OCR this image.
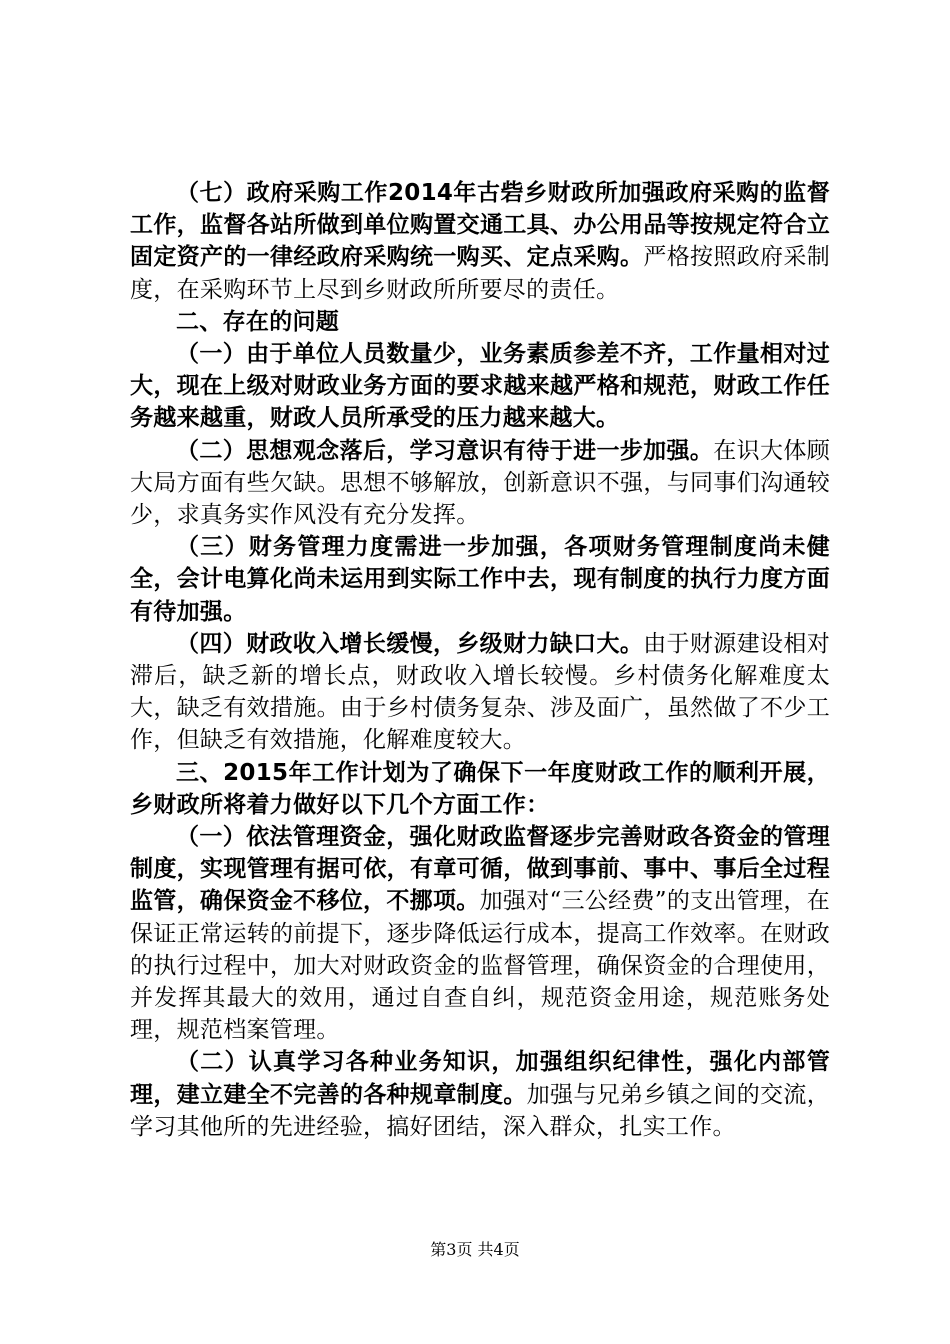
（七）政府采购工作2014年古砦乡财政所加强政府采购的监督工作，监督各站所做到单位购置交通工具、办公用品等按规定符合立固定资产的一律经政府采购统一购买、定点采购。严格按照政府采制度，在采购环节上尽到乡财政所所要尽的责任。

二、存在的问题

（一）由于单位人员数量少，业务素质参差不齐，工作量相对过大，现在上级对财政业务方面的要求越来越严格和规范，财政工作任务越来越重，财政人员所承受的压力越来越大。

（二）思想观念落后，学习意识有待于进一步加强。在识大体顾大局方面有些欠缺。思想不够解放，创新意识不强，与同事们沟通较少，求真务实作风没有充分发挥。

（三）财务管理力度需进一步加强，各项财务管理制度尚未健全，会计电算化尚未运用到实际工作中去，现有制度的执行力度方面有待加强。

（四）财政收入增长缓慢，乡级财力缺口大。由于财源建设相对滞后，缺乏新的增长点，财政收入增长较慢。乡村债务化解难度太大，缺乏有效措施。由于乡村债务复杂、涉及面广，虽然做了不少工作，但缺乏有效措施，化解难度较大。

三、2015年工作计划为了确保下一年度财政工作的顺利开展，乡财政所将着力做好以下几个方面工作：

（一）依法管理资金，强化财政监督逐步完善财政各资金的管理制度，实现管理有据可依，有章可循，做到事前、事中、事后全过程监管，确保资金不移位，不挪项。加强对“三公经费”的支出管理，在保证正常运转的前提下，逐步降低运行成本，提高工作效率。在财政的执行过程中，加大对财政资金的监督管理，确保资金的合理使用，并发挥其最大的效用，通过自查自纠，规范资金用途，规范账务处理，规范档案管理。

（二）认真学习各种业务知识，加强组织纪律性，强化内部管理，建立建全不完善的各种规章制度。加强与兄弟乡镇之间的交流，学习其他所的先进经验，搞好团结，深入群众，扎实工作。

第3页 共4页
